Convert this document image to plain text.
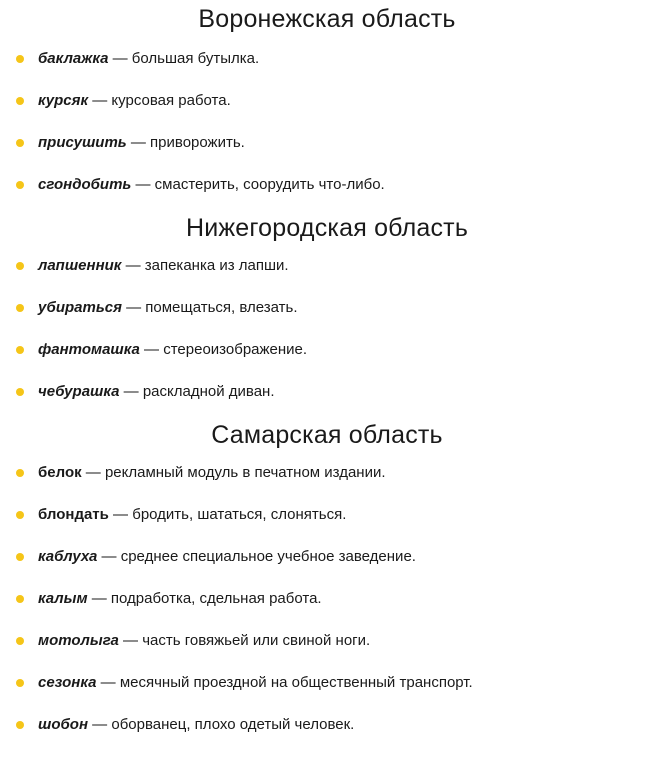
Воронежская область
баклажка — большая бутылка.
курсяк — курсовая работа.
присушить — приворожить.
сгондобить — смастерить, соорудить что-либо.
Нижегородская область
лапшенник — запеканка из лапши.
убираться — помещаться, влезать.
фантомашка — стереоизображение.
чебурашка — раскладной диван.
Самарская область
белок — рекламный модуль в печатном издании.
блондать — бродить, шататься, слоняться.
каблуха — среднее специальное учебное заведение.
калым — подработка, сдельная работа.
мотолыга — часть говяжьей или свиной ноги.
сезонка — месячный проездной на общественный транспорт.
шобон — оборванец, плохо одетый человек.
